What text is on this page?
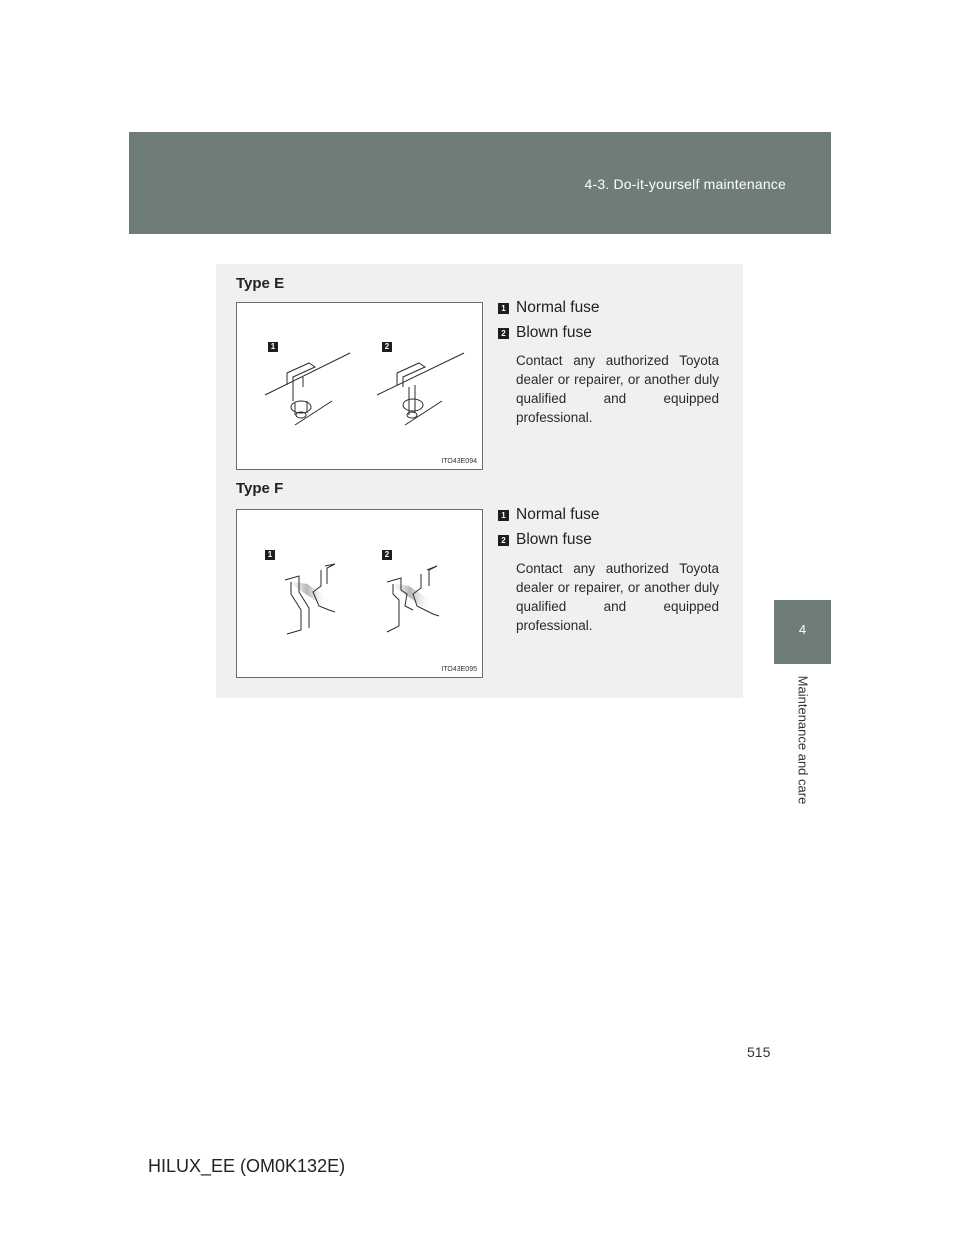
4-3. Do-it-yourself maintenance
4
Maintenance and care
Type E
1	2
ITO43E094
1 Normal fuse
2 Blown fuse
Contact any authorized Toyota dealer or repairer, or another duly qualified and equipped professional.
Type F
1	2
ITO43E095
1 Normal fuse
2 Blown fuse
Contact any authorized Toyota dealer or repairer, or another duly qualified and equipped professional.
515
HILUX_EE (OM0K132E)
